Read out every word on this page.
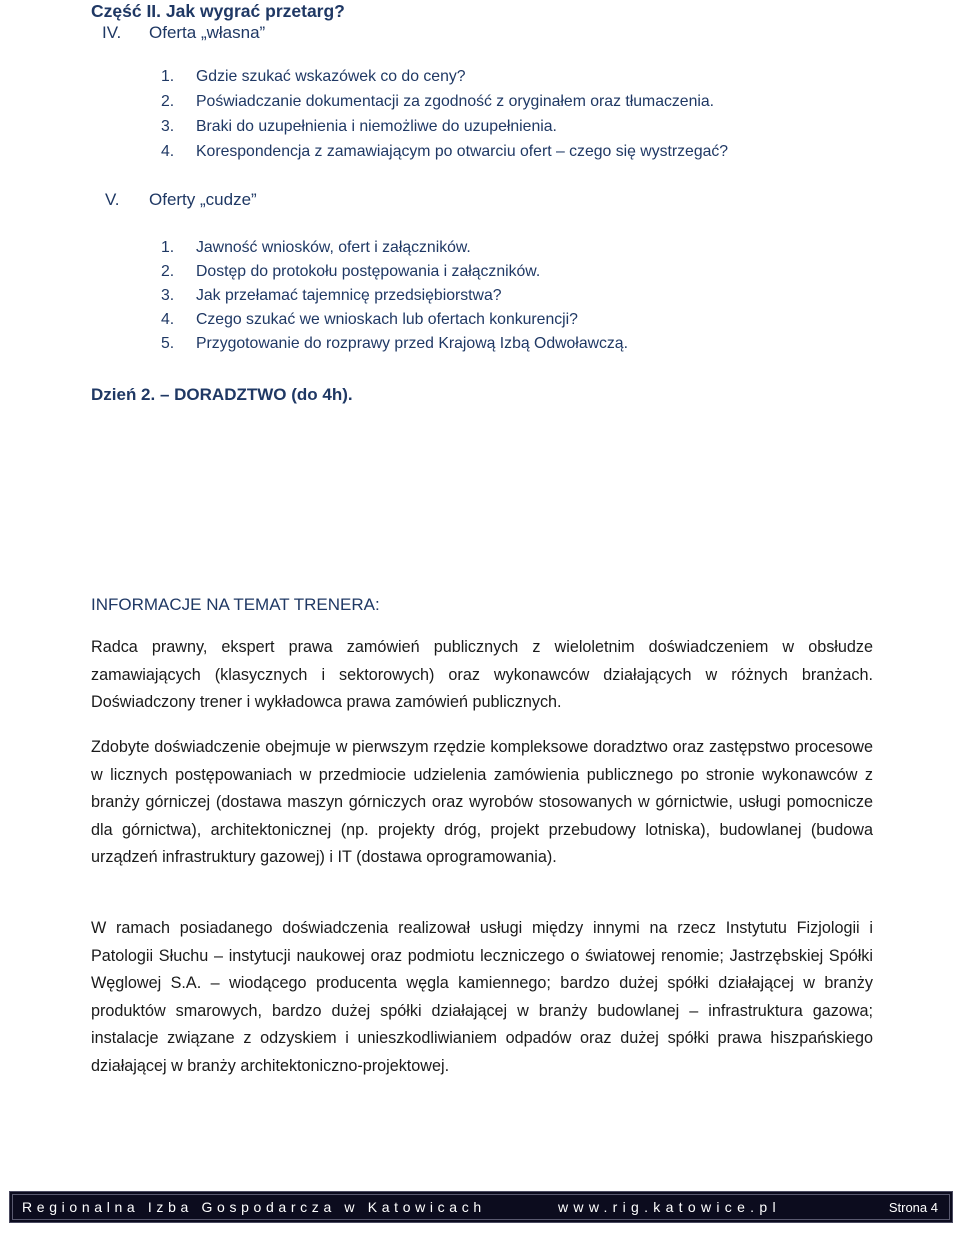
Część II. Jak wygrać przetarg?
IV. Oferta „własna”
1. Gdzie szukać wskazówek co do ceny?
2. Poświadczanie dokumentacji za zgodność z oryginałem oraz tłumaczenia.
3. Braki do uzupełnienia i niemożliwe do uzupełnienia.
4. Korespondencja z zamawiającym po otwarciu ofert – czego się wystrzegać?
V. Oferty „cudze”
1. Jawność wniosków, ofert i załączników.
2. Dostęp do protokołu postępowania i załączników.
3. Jak przełamać tajemnicę przedsiębiorstwa?
4. Czego szukać we wnioskach lub ofertach konkurencji?
5. Przygotowanie do rozprawy przed Krajową Izbą Odwoławczą.
Dzień 2. – DORADZTWO (do 4h).
INFORMACJE NA TEMAT TRENERA:
Radca prawny, ekspert prawa zamówień publicznych z wieloletnim doświadczeniem w obsłudze zamawiających (klasycznych i sektorowych) oraz wykonawców działających w różnych branżach. Doświadczony trener i wykładowca prawa zamówień publicznych.
Zdobyte doświadczenie obejmuje w pierwszym rzędzie kompleksowe doradztwo oraz zastępstwo procesowe w licznych postępowaniach w przedmiocie udzielenia zamówienia publicznego po stronie wykonawców z branży górniczej (dostawa maszyn górniczych oraz wyrobów stosowanych w górnictwie, usługi pomocnicze dla górnictwa), architektonicznej (np. projekty dróg, projekt przebudowy lotniska), budowlanej (budowa urządzeń infrastruktury gazowej) i IT (dostawa oprogramowania).
W ramach posiadanego doświadczenia realizował usługi między innymi na rzecz Instytutu Fizjologii i Patologii Słuchu – instytucji naukowej oraz podmiotu leczniczego o światowej renomie; Jastrzębskiej Spółki Węglowej S.A. – wiodącego producenta węgla kamiennego; bardzo dużej spółki działającej w branży produktów smarowych, bardzo dużej spółki działającej w branży budowlanej – infrastruktura gazowa; instalacje związane z odzyskiem i unieszkodliwianiem odpadów oraz dużej spółki prawa hiszpańskiego działającej w branży architektoniczno-projektowej.
Regionalna Izba Gospodarcza w Katowicach	www.rig.katowice.pl	Strona 4
